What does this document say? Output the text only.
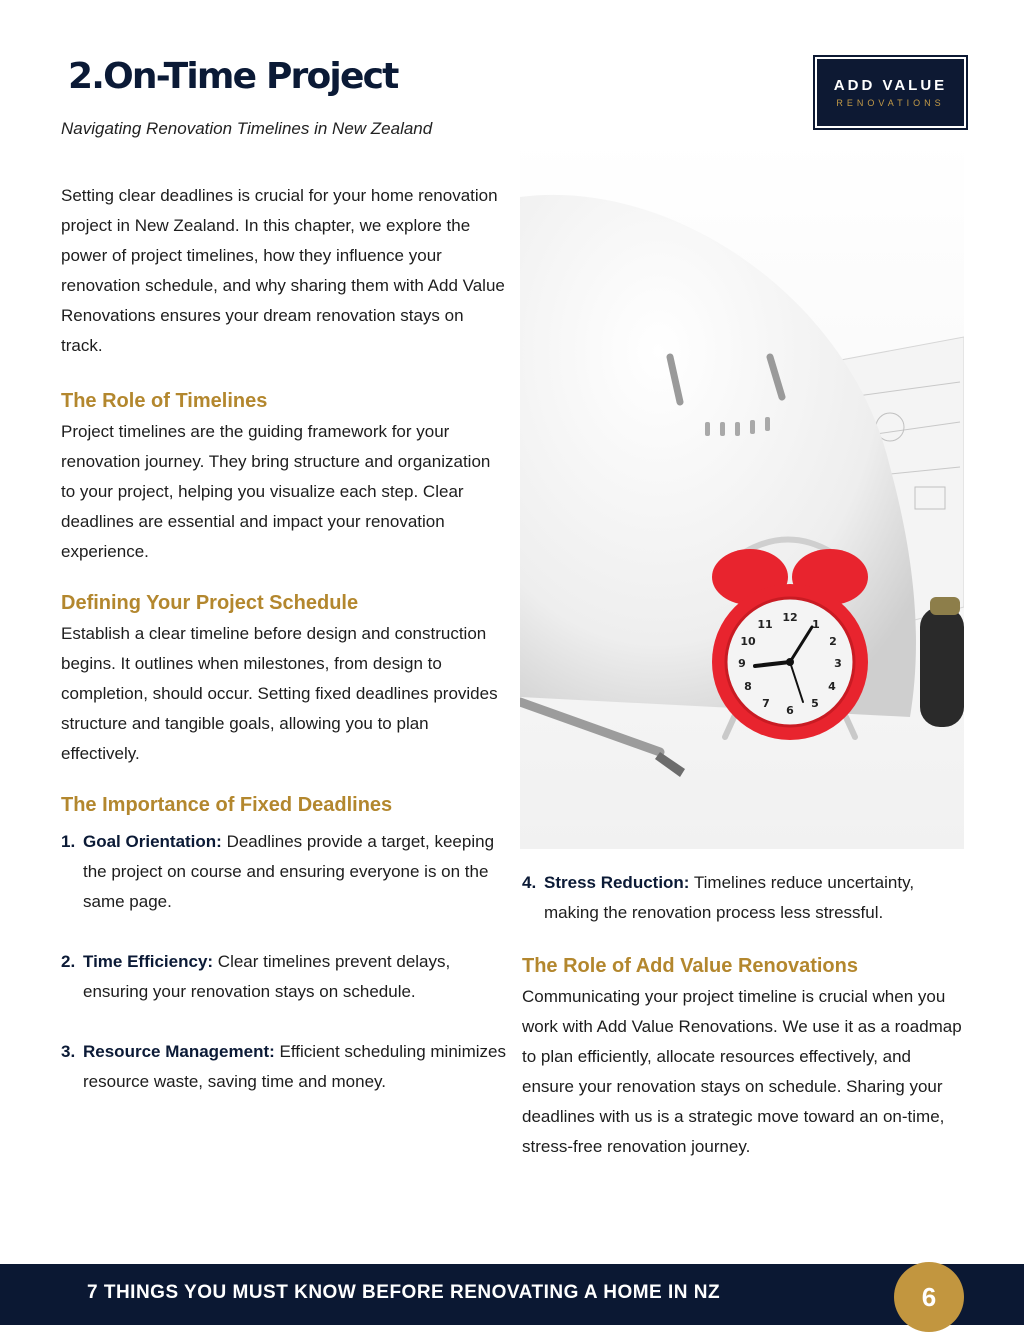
2.On-Time Project
Navigating Renovation Timelines in New Zealand
ADD VALUE
RENOVATIONS

Setting clear deadlines is crucial for your home renovation project in New Zealand. In this chapter, we explore the power of project timelines, how they influence your renovation schedule, and why sharing them with Add Value Renovations ensures your dream renovation stays on track.

The Role of Timelines

Project timelines are the guiding framework for your renovation journey. They bring structure and organization to your project, helping you visualize each step. Clear deadlines are essential and impact your renovation experience.

Defining Your Project Schedule

Establish a clear timeline before design and construction begins. It outlines when milestones, from design to completion, should occur. Setting fixed deadlines provides structure and tangible goals, allowing you to plan effectively.

The Importance of Fixed Deadlines
1. Goal Orientation: Deadlines provide a target, keeping the project on course and ensuring everyone is on the same page.
2. Time Efficiency: Clear timelines prevent delays, ensuring your renovation stays on schedule.
3. Resource Management: Efficient scheduling minimizes resource waste, saving time and money.
12
1
2
3
4
5
6
7
8
9
10
11
4. Stress Reduction: Timelines reduce uncertainty, making the renovation process less stressful.
The Role of Add Value Renovations

Communicating your project timeline is crucial when you work with Add Value Renovations. We use it as a roadmap to plan efficiently, allocate resources effectively, and ensure your renovation stays on schedule. Sharing your deadlines with us is a strategic move toward an on-time, stress-free renovation journey.

7 THINGS YOU MUST KNOW BEFORE RENOVATING A HOME IN NZ	6
